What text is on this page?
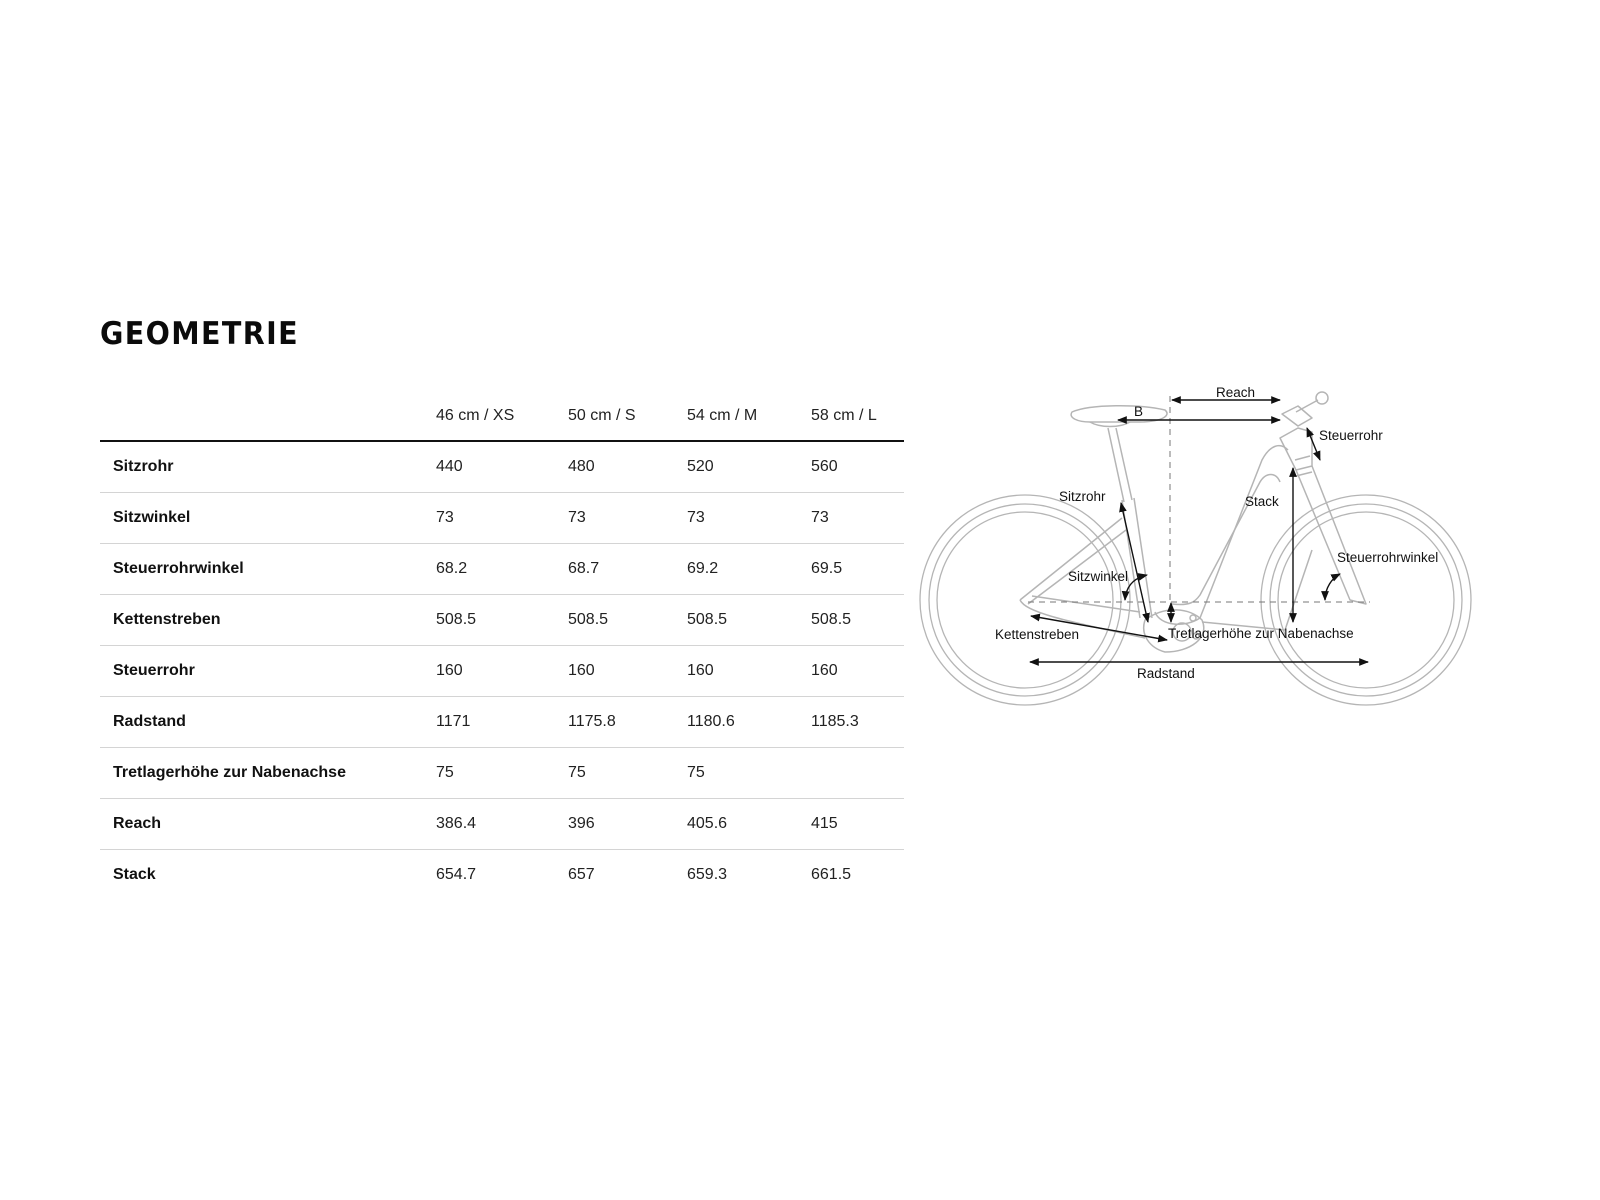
GEOMETRIE
	46 cm / XS	50 cm / S	54 cm / M	58 cm / L
Sitzrohr	440	480	520	560
Sitzwinkel	73	73	73	73
Steuerrohrwinkel	68.2	68.7	69.2	69.5
Kettenstreben	508.5	508.5	508.5	508.5
Steuerrohr	160	160	160	160
Radstand	1171	1175.8	1180.6	1185.3
Tretlagerhöhe zur Nabenachse	75	75	75	
Reach	386.4	396	405.6	415
Stack	654.7	657	659.3	661.5
Reach
B
Steuerrohr
Sitzrohr	Stack
Steuerrohrwinkel
Sitzwinkel
Kettenstreben	Tretlagerhöhe zur Nabenachse
Radstand
